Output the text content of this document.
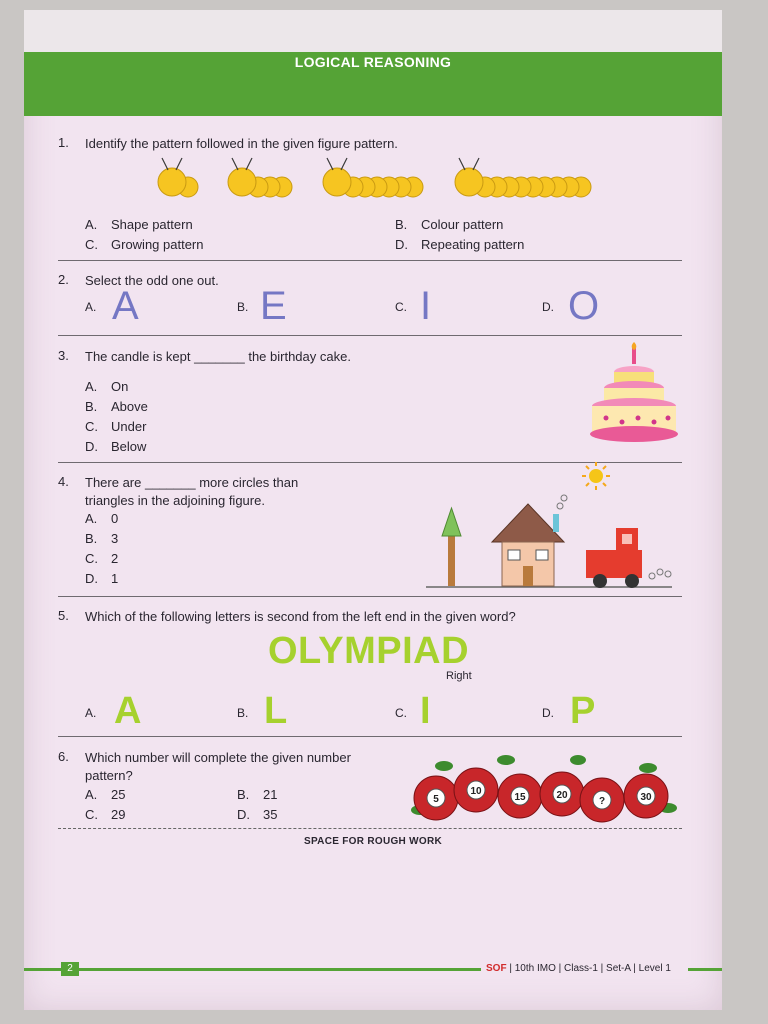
LOGICAL REASONING
1. Identify the pattern followed in the given figure pattern.
A. Shape pattern	B. Colour pattern
C. Growing pattern	D. Repeating pattern
2. Select the odd one out.
A. A	B. E	C. I	D. O
3. The candle is kept _______ the birthday cake.
A. On
B. Above
C. Under
D. Below
4. There are _______ more circles than
triangles in the adjoining figure.
A. 0
B. 3
C. 2
D. 1
5. Which of the following letters is second from the left end in the given word?
OLYMPIAD
Right
A. A	B. L	C. I	D. P
6. Which number will complete the given number
pattern?
A. 25	B. 21
C. 29	D. 35
5
10
15	20
?	30
SPACE FOR ROUGH WORK
2	SOF | 10th IMO | Class-1 | Set-A | Level 1
